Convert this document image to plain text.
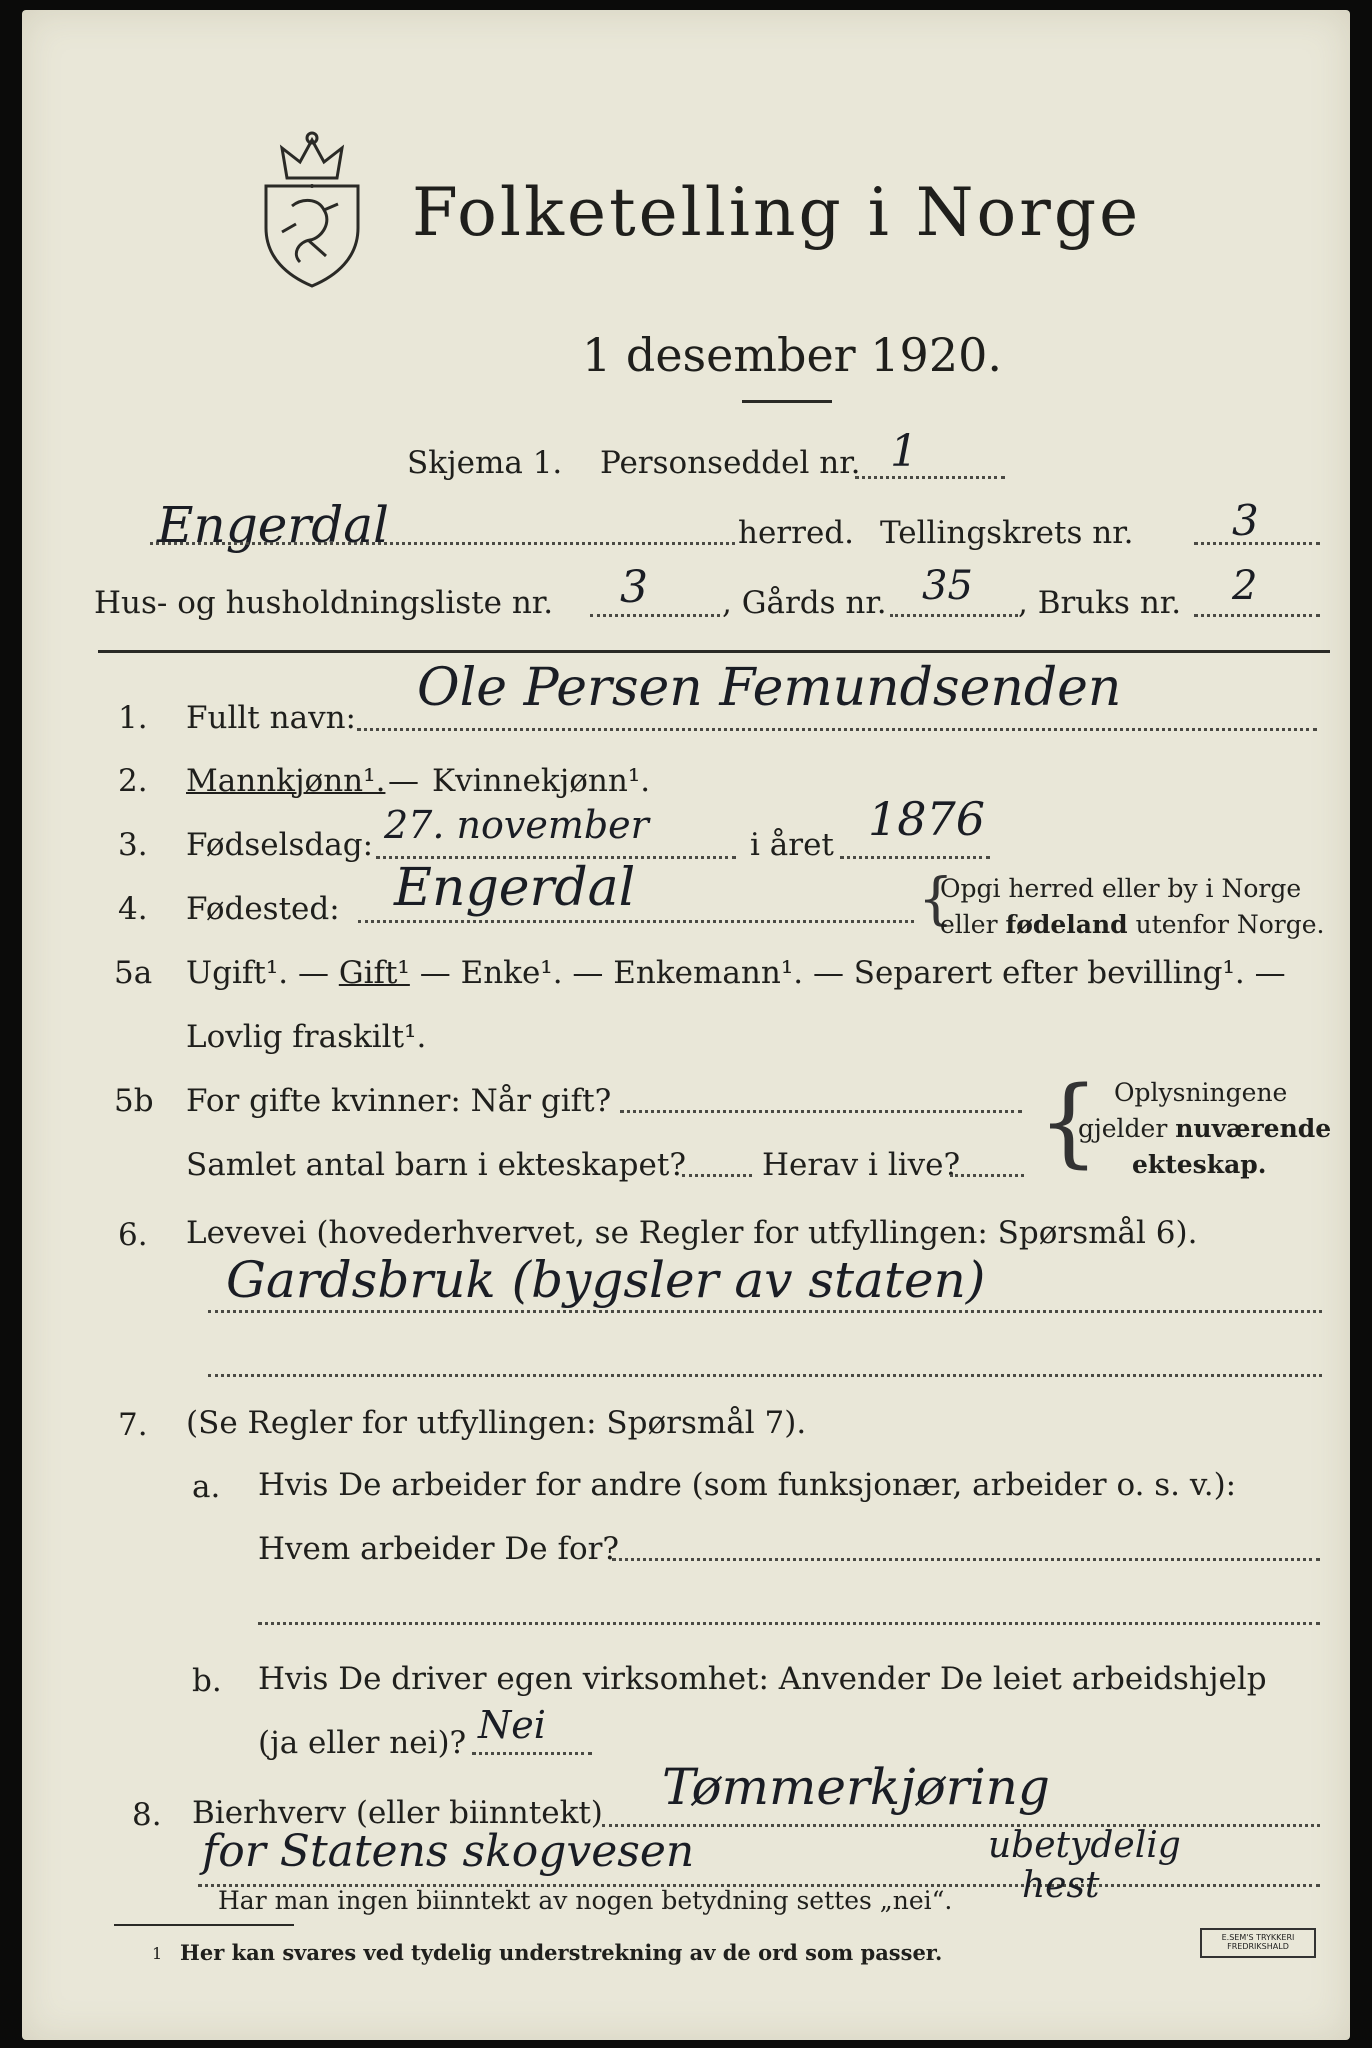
Folketelling i Norge
1 desember 1920.
Skjema 1. Personseddel nr. 1
Engerdal	herred. Tellingskrets nr. 3
Hus- og husholdningsliste nr. 3 , Gårds nr. 35 , Bruks nr. 2
1. Fullt navn: Ole Persen Femundsenden
2. Mannkjønn¹. — Kvinnekjønn¹.
3. Fødselsdag: 27. november	i året 1876
4. Fødested: Engerdal	{
Opgi herred eller by i Norge
eller fødeland utenfor Norge.
5a Ugift¹. — Gift¹ — Enke¹. — Enkemann¹. — Separert efter bevilling¹. —
Lovlig fraskilt¹.
5b For gifte kvinner: Når gift?
Samlet antal barn i ekteskapet? Herav i live? { Oplysningene
gjelder nuværende
ekteskap.
6. Levevei (hovederhvervet, se Regler for utfyllingen: Spørsmål 6).
Gardsbruk (bygsler av staten)
7. (Se Regler for utfyllingen: Spørsmål 7).
a. Hvis De arbeider for andre (som funksjonær, arbeider o. s. v.):
Hvem arbeider De for?
b. Hvis De driver egen virksomhet: Anvender De leiet arbeidshjelp
(ja eller nei)? Nei
8. Bierhverv (eller biinntekt) Tømmerkjøring
for Statens skogvesen	ubetydelig
hest
Har man ingen biinntekt av nogen betydning settes „nei“.
1 Her kan svares ved tydelig understrekning av de ord som passer.
E.SEM'S TRYKKERI
FREDRIKSHALD
